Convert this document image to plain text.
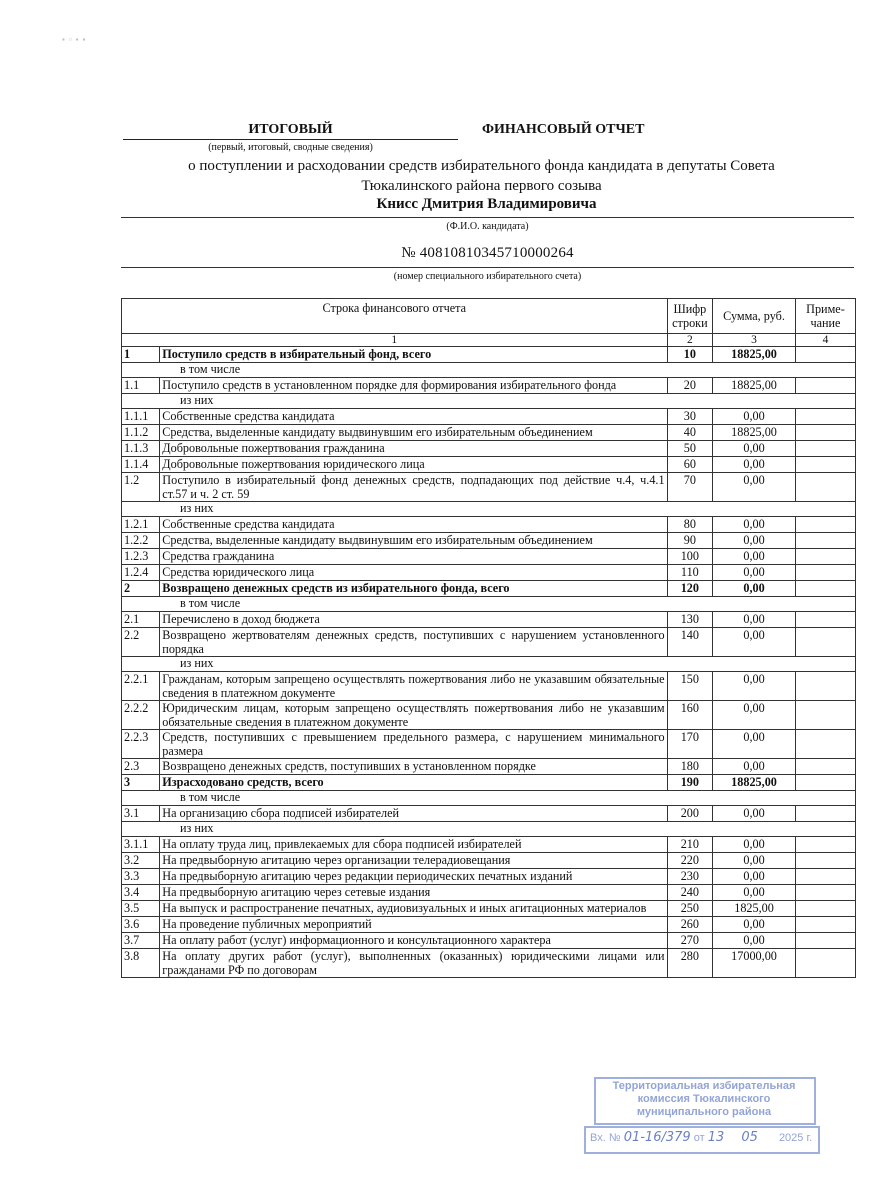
▪ ▫ ▪ ▪
ИТОГОВЫЙ	ФИНАНСОВЫЙ ОТЧЕТ
(первый, итоговый, сводные сведения)
о поступлении и расходовании средств избирательного фонда кандидата в депутаты Совета
Тюкалинского района первого созыва
Книсс Дмитрия Владимировича
(Ф.И.О. кандидата)
№ 40810810345710000264
(номер специального избирательного счета)
Строка финансового отчета		Шифр строки	Сумма, руб.	Приме-чание
1		2	3	4
1	Поступило средств в избирательный фонд, всего	10	18825,00	
в том числе				
1.1	Поступило средств в установленном порядке для формирования избирательного фонда	20	18825,00	
из них				
1.1.1	Собственные средства кандидата	30	0,00	
1.1.2	Средства, выделенные кандидату выдвинувшим его избирательным объединением	40	18825,00	
1.1.3	Добровольные пожертвования гражданина	50	0,00	
1.1.4	Добровольные пожертвования юридического лица	60	0,00	
1.2	Поступило в избирательный фонд денежных средств, подпадающих под действие ч.4, ч.4.1 ст.57 и ч. 2 ст. 59	70	0,00	
из них				
1.2.1	Собственные средства кандидата	80	0,00	
1.2.2	Средства, выделенные кандидату выдвинувшим его избирательным объединением	90	0,00	
1.2.3	Средства гражданина	100	0,00	
1.2.4	Средства юридического лица	110	0,00	
2	Возвращено денежных средств из избирательного фонда, всего	120	0,00	
в том числе				
2.1	Перечислено в доход бюджета	130	0,00	
2.2	Возвращено жертвователям денежных средств, поступивших с нарушением установленного порядка	140	0,00	
из них				
2.2.1	Гражданам, которым запрещено осуществлять пожертвования либо не указавшим обязательные сведения в платежном документе	150	0,00	
2.2.2	Юридическим лицам, которым запрещено осуществлять пожертвования либо не указавшим обязательные сведения в платежном документе	160	0,00	
2.2.3	Средств, поступивших с превышением предельного размера, с нарушением минимального размера	170	0,00	
2.3	Возвращено денежных средств, поступивших в установленном порядке	180	0,00	
3	Израсходовано средств, всего	190	18825,00	
в том числе				
3.1	На организацию сбора подписей избирателей	200	0,00	
из них				
3.1.1	На оплату труда лиц, привлекаемых для сбора подписей избирателей	210	0,00	
3.2	На предвыборную агитацию через организации телерадиовещания	220	0,00	
3.3	На предвыборную агитацию через редакции периодических печатных изданий	230	0,00	
3.4	На предвыборную агитацию через сетевые издания	240	0,00	
3.5	На выпуск и распространение печатных, аудиовизуальных и иных агитационных материалов	250	1825,00	
3.6	На проведение публичных мероприятий	260	0,00	
3.7	На оплату работ (услуг) информационного и консультационного характера	270	0,00	
3.8	На оплату других работ (услуг), выполненных (оказанных) юридическими лицами или гражданами РФ по договорам	280	17000,00	
Территориальная избирательная
комиссия Тюкалинского
муниципального района
Вх. № 01-16/379 от 13 05 2025 г.
